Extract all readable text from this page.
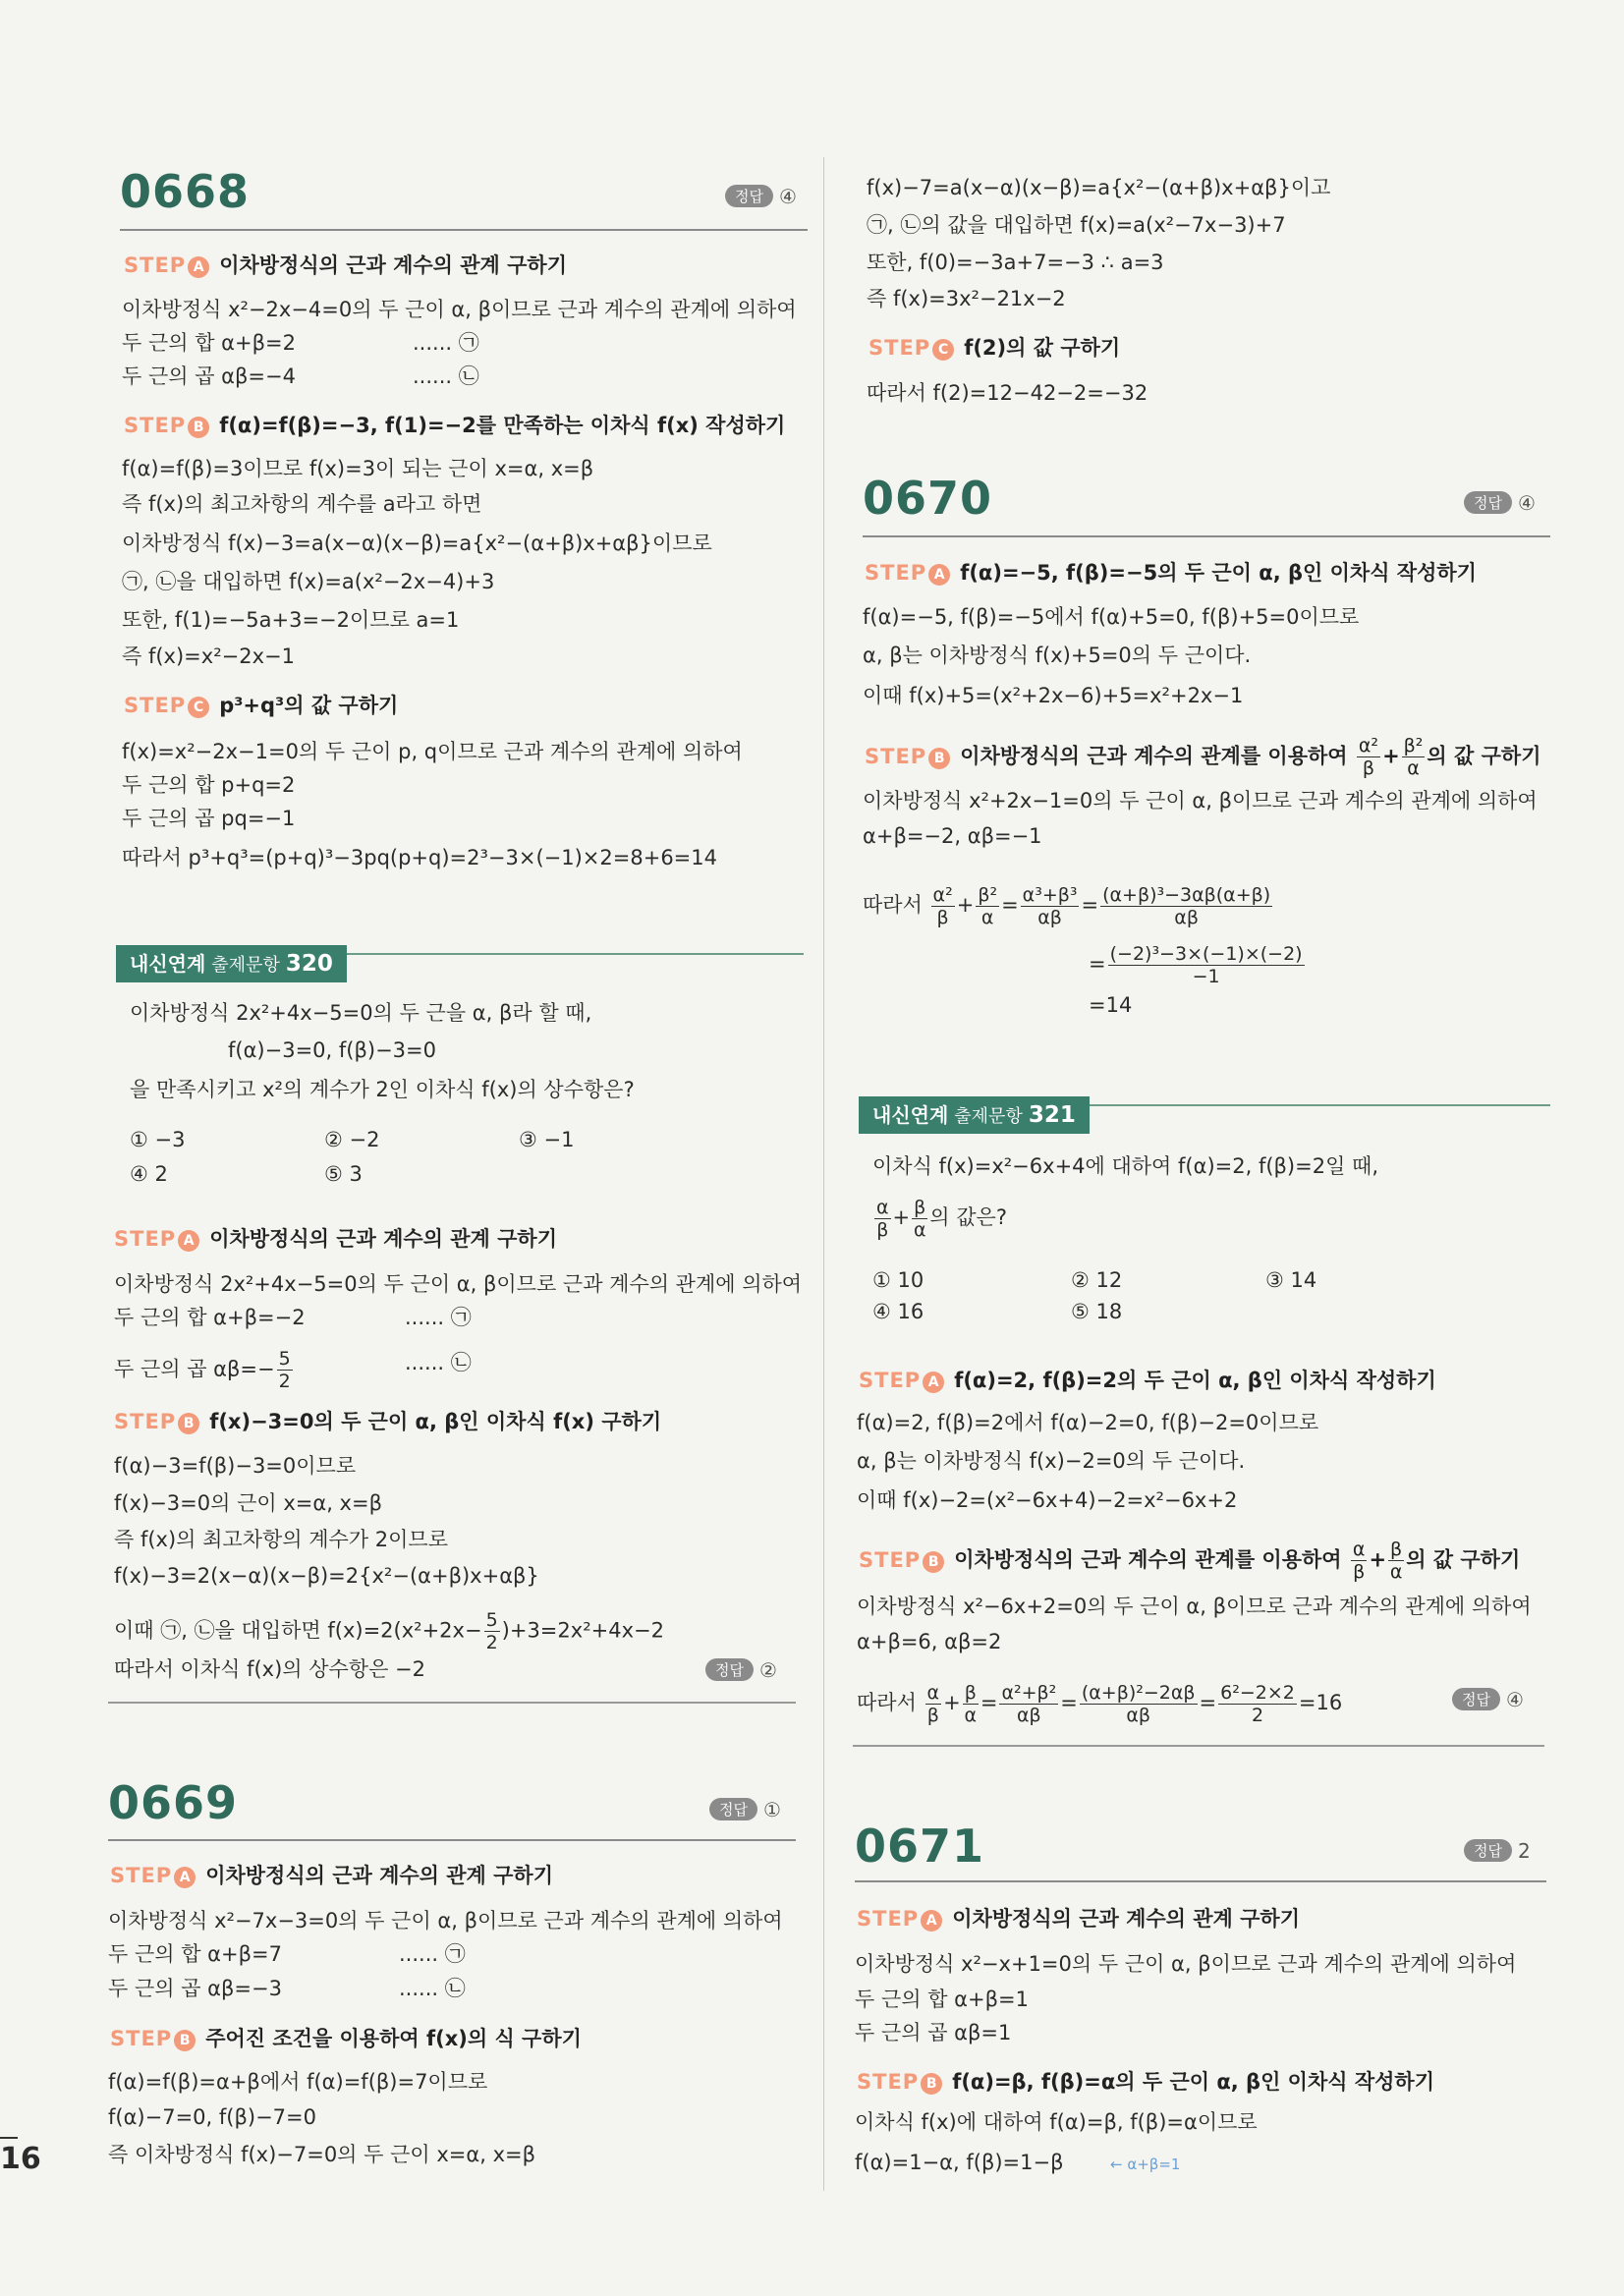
0668	정답 ④
STEP A 이차방정식의 근과 계수의 관계 구하기
이차방정식 x²−2x−4=0의 두 근이 α, β이므로 근과 계수의 관계에 의하여
두 근의 합 α+β=2	...... ㉠
두 근의 곱 αβ=−4	...... ㉡
STEP B f(α)=f(β)=−3, f(1)=−2를 만족하는 이차식 f(x) 작성하기
f(α)=f(β)=3이므로 f(x)=3이 되는 근이 x=α, x=β
즉 f(x)의 최고차항의 계수를 a라고 하면
이차방정식 f(x)−3=a(x−α)(x−β)=a{x²−(α+β)x+αβ}이므로
㉠, ㉡을 대입하면 f(x)=a(x²−2x−4)+3
또한, f(1)=−5a+3=−2이므로 a=1
즉 f(x)=x²−2x−1
STEP C p³+q³의 값 구하기
f(x)=x²−2x−1=0의 두 근이 p, q이므로 근과 계수의 관계에 의하여
두 근의 합 p+q=2
두 근의 곱 pq=−1
따라서 p³+q³=(p+q)³−3pq(p+q)=2³−3×(−1)×2=8+6=14
내신연계 출제문항 320
이차방정식 2x²+4x−5=0의 두 근을 α, β라 할 때,
f(α)−3=0, f(β)−3=0
을 만족시키고 x²의 계수가 2인 이차식 f(x)의 상수항은?
① −3	② −2	③ −1
④ 2	⑤ 3
STEP A 이차방정식의 근과 계수의 관계 구하기
이차방정식 2x²+4x−5=0의 두 근이 α, β이므로 근과 계수의 관계에 의하여
두 근의 합 α+β=−2	...... ㉠
두 근의 곱 $\alpha\beta=- \frac{5}{2}$	...... ㉡
STEP B f(x)−3=0의 두 근이 α, β인 이차식 f(x) 구하기
f(α)−3=f(β)−3=0이므로
f(x)−3=0의 근이 x=α, x=β
즉 f(x)의 최고차항의 계수가 2이므로
f(x)−3=2(x−α)(x−β)=2{x²−(α+β)x+αβ}
이때 ㉠, ㉡을 대입하면 $f(x)=2(x^2+2x- \frac{5}{2} )+3=2x^2+4x-2$
따라서 이차식 f(x)의 상수항은 −2	정답 ②
0669	정답 ①
STEP A 이차방정식의 근과 계수의 관계 구하기
이차방정식 x²−7x−3=0의 두 근이 α, β이므로 근과 계수의 관계에 의하여
두 근의 합 α+β=7	...... ㉠
두 근의 곱 αβ=−3	...... ㉡
STEP B 주어진 조건을 이용하여 f(x)의 식 구하기
f(α)=f(β)=α+β에서 f(α)=f(β)=7이므로
f(α)−7=0, f(β)−7=0
즉 이차방정식 f(x)−7=0의 두 근이 x=α, x=β
16
f(x)−7=a(x−α)(x−β)=a{x²−(α+β)x+αβ}이고
㉠, ㉡의 값을 대입하면 f(x)=a(x²−7x−3)+7
또한, f(0)=−3a+7=−3 ∴ a=3
즉 f(x)=3x²−21x−2
STEP C f(2)의 값 구하기
따라서 f(2)=12−42−2=−32
0670	정답 ④
STEP A f(α)=−5, f(β)=−5의 두 근이 α, β인 이차식 작성하기
f(α)=−5, f(β)=−5에서 f(α)+5=0, f(β)+5=0이므로
α, β는 이차방정식 f(x)+5=0의 두 근이다.
이때 f(x)+5=(x²+2x−6)+5=x²+2x−1
STEP B 이차방정식의 근과 계수의 관계를 이용하여 $\frac{\text{α²}}{\beta} + \frac{\text{β²}}{\alpha}$ 의 값 구하기
이차방정식 x²+2x−1=0의 두 근이 α, β이므로 근과 계수의 관계에 의하여
α+β=−2, αβ=−1
따라서 $\frac{\text{α²}}{\beta} + \frac{\text{β²}}{\alpha} = \frac{\text{α³+β³}}{\alpha\beta} = \frac{\text{(α+β)³−3αβ(α+β)}}{\alpha\beta}$
= $\frac{\text{(−2)³−3×(−1)×(−2)}}{-1}$
=14
내신연계 출제문항 321
이차식 f(x)=x²−6x+4에 대하여 f(α)=2, f(β)=2일 때,
$\frac{\alpha}{\beta} + \frac{\beta}{\alpha}$ 의 값은?
① 10	② 12	③ 14
④ 16	⑤ 18
STEP A f(α)=2, f(β)=2의 두 근이 α, β인 이차식 작성하기
f(α)=2, f(β)=2에서 f(α)−2=0, f(β)−2=0이므로
α, β는 이차방정식 f(x)−2=0의 두 근이다.
이때 f(x)−2=(x²−6x+4)−2=x²−6x+2
STEP B 이차방정식의 근과 계수의 관계를 이용하여 $\frac{\alpha}{\beta} + \frac{\beta}{\alpha}$ 의 값 구하기
이차방정식 x²−6x+2=0의 두 근이 α, β이므로 근과 계수의 관계에 의하여
α+β=6, αβ=2
따라서 $\frac{\alpha}{\beta} + \frac{\beta}{\alpha} = \frac{\text{α²+β²}}{\alpha\beta} = \frac{\text{(α+β)²−2αβ}}{\alpha\beta} = \frac{\text{6²−2×2}}{2} =16$	정답 ④
0671	정답 2
STEP A 이차방정식의 근과 계수의 관계 구하기
이차방정식 x²−x+1=0의 두 근이 α, β이므로 근과 계수의 관계에 의하여
두 근의 합 α+β=1
두 근의 곱 αβ=1
STEP B f(α)=β, f(β)=α의 두 근이 α, β인 이차식 작성하기
이차식 f(x)에 대하여 f(α)=β, f(β)=α이므로
f(α)=1−α, f(β)=1−β	← α+β=1
